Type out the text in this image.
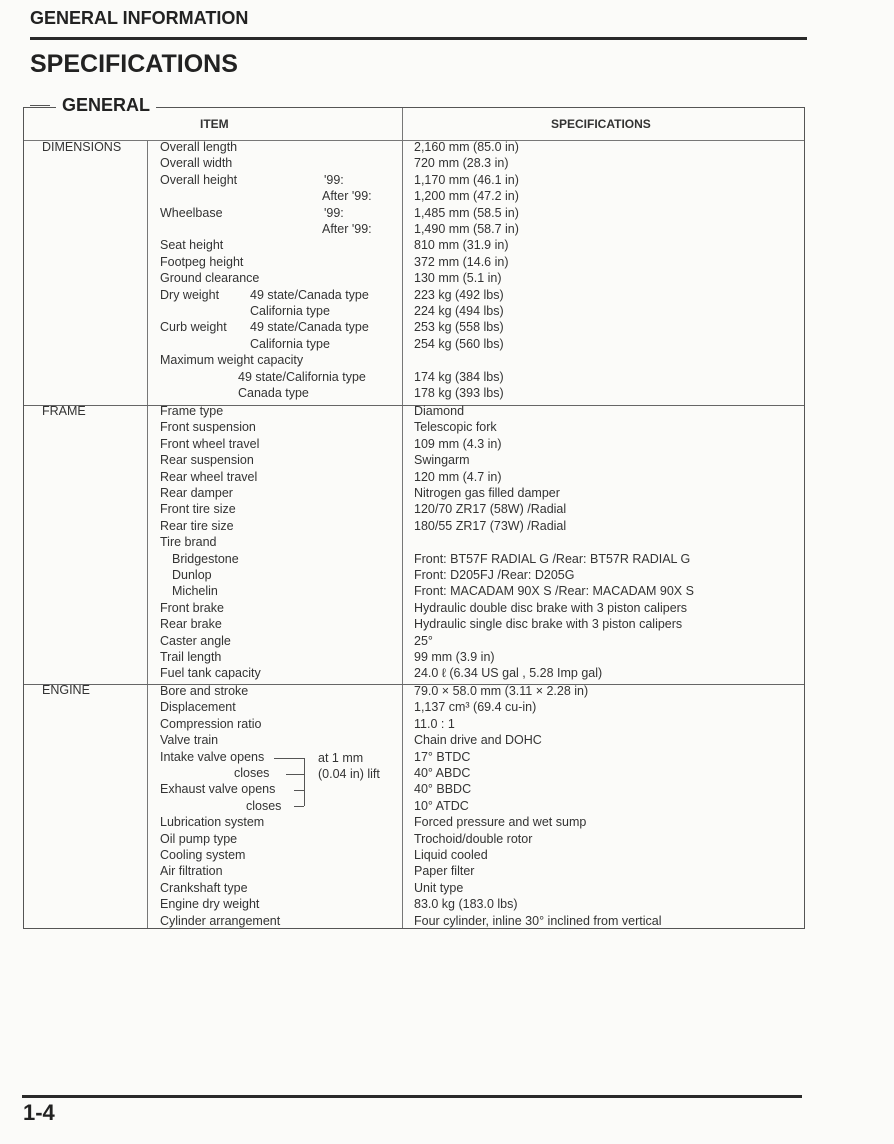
GENERAL INFORMATION
SPECIFICATIONS
GENERAL
ITEM	SPECIFICATIONS
DIMENSIONS	Overall length	2,160 mm (85.0 in)
Overall width	720 mm (28.3 in)
Overall height	'99:	1,170 mm (46.1 in)
After '99:	1,200 mm (47.2 in)
Wheelbase	'99:	1,485 mm (58.5 in)
After '99:	1,490 mm (58.7 in)
Seat height	810 mm (31.9 in)
Footpeg height	372 mm (14.6 in)
Ground clearance	130 mm (5.1 in)
Dry weight 49 state/Canada type	223 kg (492 lbs)
California type	224 kg (494 lbs)
Curb weight 49 state/Canada type	253 kg (558 lbs)
California type	254 kg (560 lbs)
Maximum weight capacity
49 state/California type	174 kg (384 lbs)
Canada type	178 kg (393 lbs)
FRAME	Frame type	Diamond
Front suspension	Telescopic fork
Front wheel travel	109 mm (4.3 in)
Rear suspension	Swingarm
Rear wheel travel	120 mm (4.7 in)
Rear damper	Nitrogen gas filled damper
Front tire size	120/70 ZR17 (58W) /Radial
Rear tire size	180/55 ZR17 (73W) /Radial
Tire brand
Bridgestone	Front: BT57F RADIAL G /Rear: BT57R RADIAL G
Dunlop	Front: D205FJ /Rear: D205G
Michelin	Front: MACADAM 90X S /Rear: MACADAM 90X S
Front brake	Hydraulic double disc brake with 3 piston calipers
Rear brake	Hydraulic single disc brake with 3 piston calipers
Caster angle	25°
Trail length	99 mm (3.9 in)
Fuel tank capacity	24.0 ℓ (6.34 US gal , 5.28 Imp gal)
ENGINE	Bore and stroke	79.0 × 58.0 mm (3.11 × 2.28 in)
Displacement	1,137 cm³ (69.4 cu-in)
Compression ratio	11.0 : 1
Valve train	Chain drive and DOHC
Intake valve opens	17° BTDC
closes	40° ABDC
Exhaust valve opens	40° BBDC
closes	10° ATDC
Lubrication system	Forced pressure and wet sump
Oil pump type	Trochoid/double rotor
Cooling system	Liquid cooled
Air filtration	Paper filter
Crankshaft type	Unit type
Engine dry weight	83.0 kg (183.0 lbs)
Cylinder arrangement	Four cylinder, inline 30° inclined from vertical
at 1 mm
(0.04 in) lift
1-4
